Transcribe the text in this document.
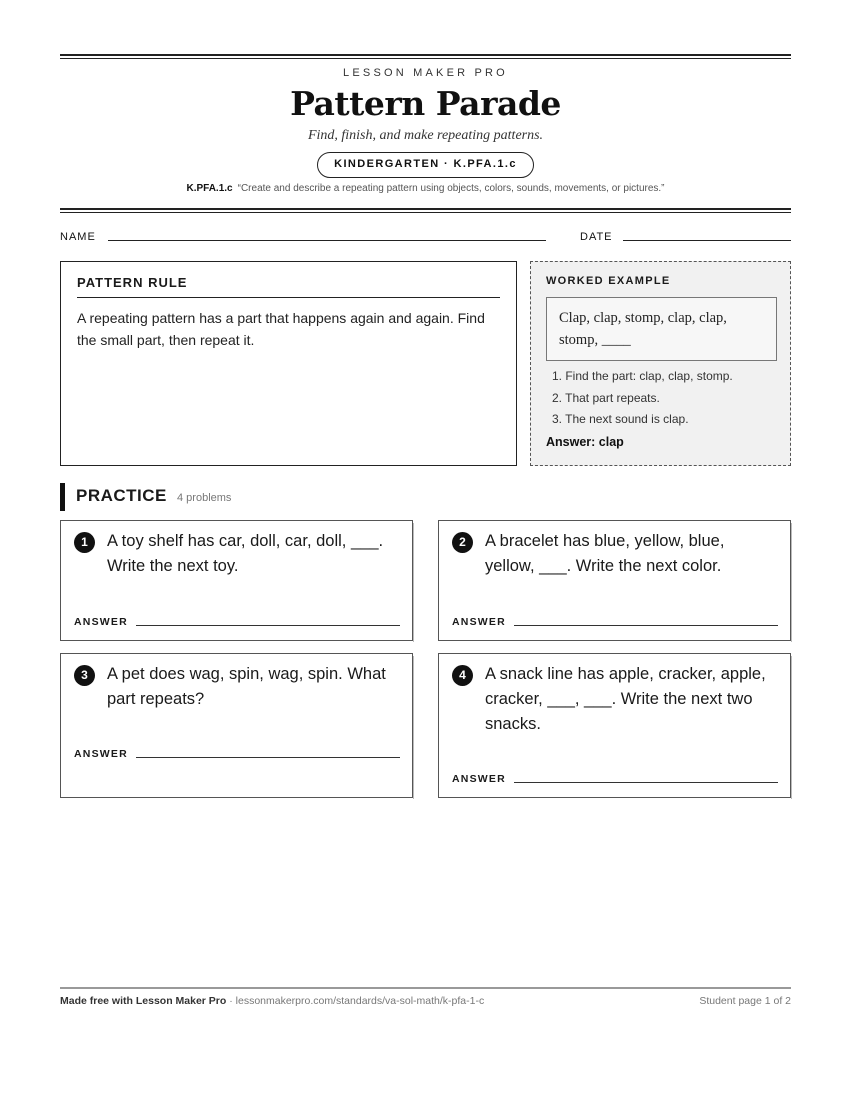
LESSON MAKER PRO
Pattern Parade
Find, finish, and make repeating patterns.
KINDERGARTEN · K.PFA.1.c
K.PFA.1.c “Create and describe a repeating pattern using objects, colors, sounds, movements, or pictures.”
NAME	DATE
PATTERN RULE
A repeating pattern has a part that happens again and again. Find the small part, then repeat it.
WORKED EXAMPLE
Clap, clap, stomp, clap, clap, stomp, ____
1. Find the part: clap, clap, stomp.
2. That part repeats.
3. The next sound is clap.
Answer: clap
PRACTICE 4 problems
1	A toy shelf has car, doll, car, doll, ___. Write the next toy.
ANSWER
2	A bracelet has blue, yellow, blue, yellow, ___. Write the next color.
ANSWER
3	A pet does wag, spin, wag, spin. What part repeats?
ANSWER
4	A snack line has apple, cracker, apple, cracker, ___, ___. Write the next two snacks.
ANSWER
Made free with Lesson Maker Pro · lessonmakerpro.com/standards/va-sol-math/k-pfa-1-c	Student page 1 of 2
